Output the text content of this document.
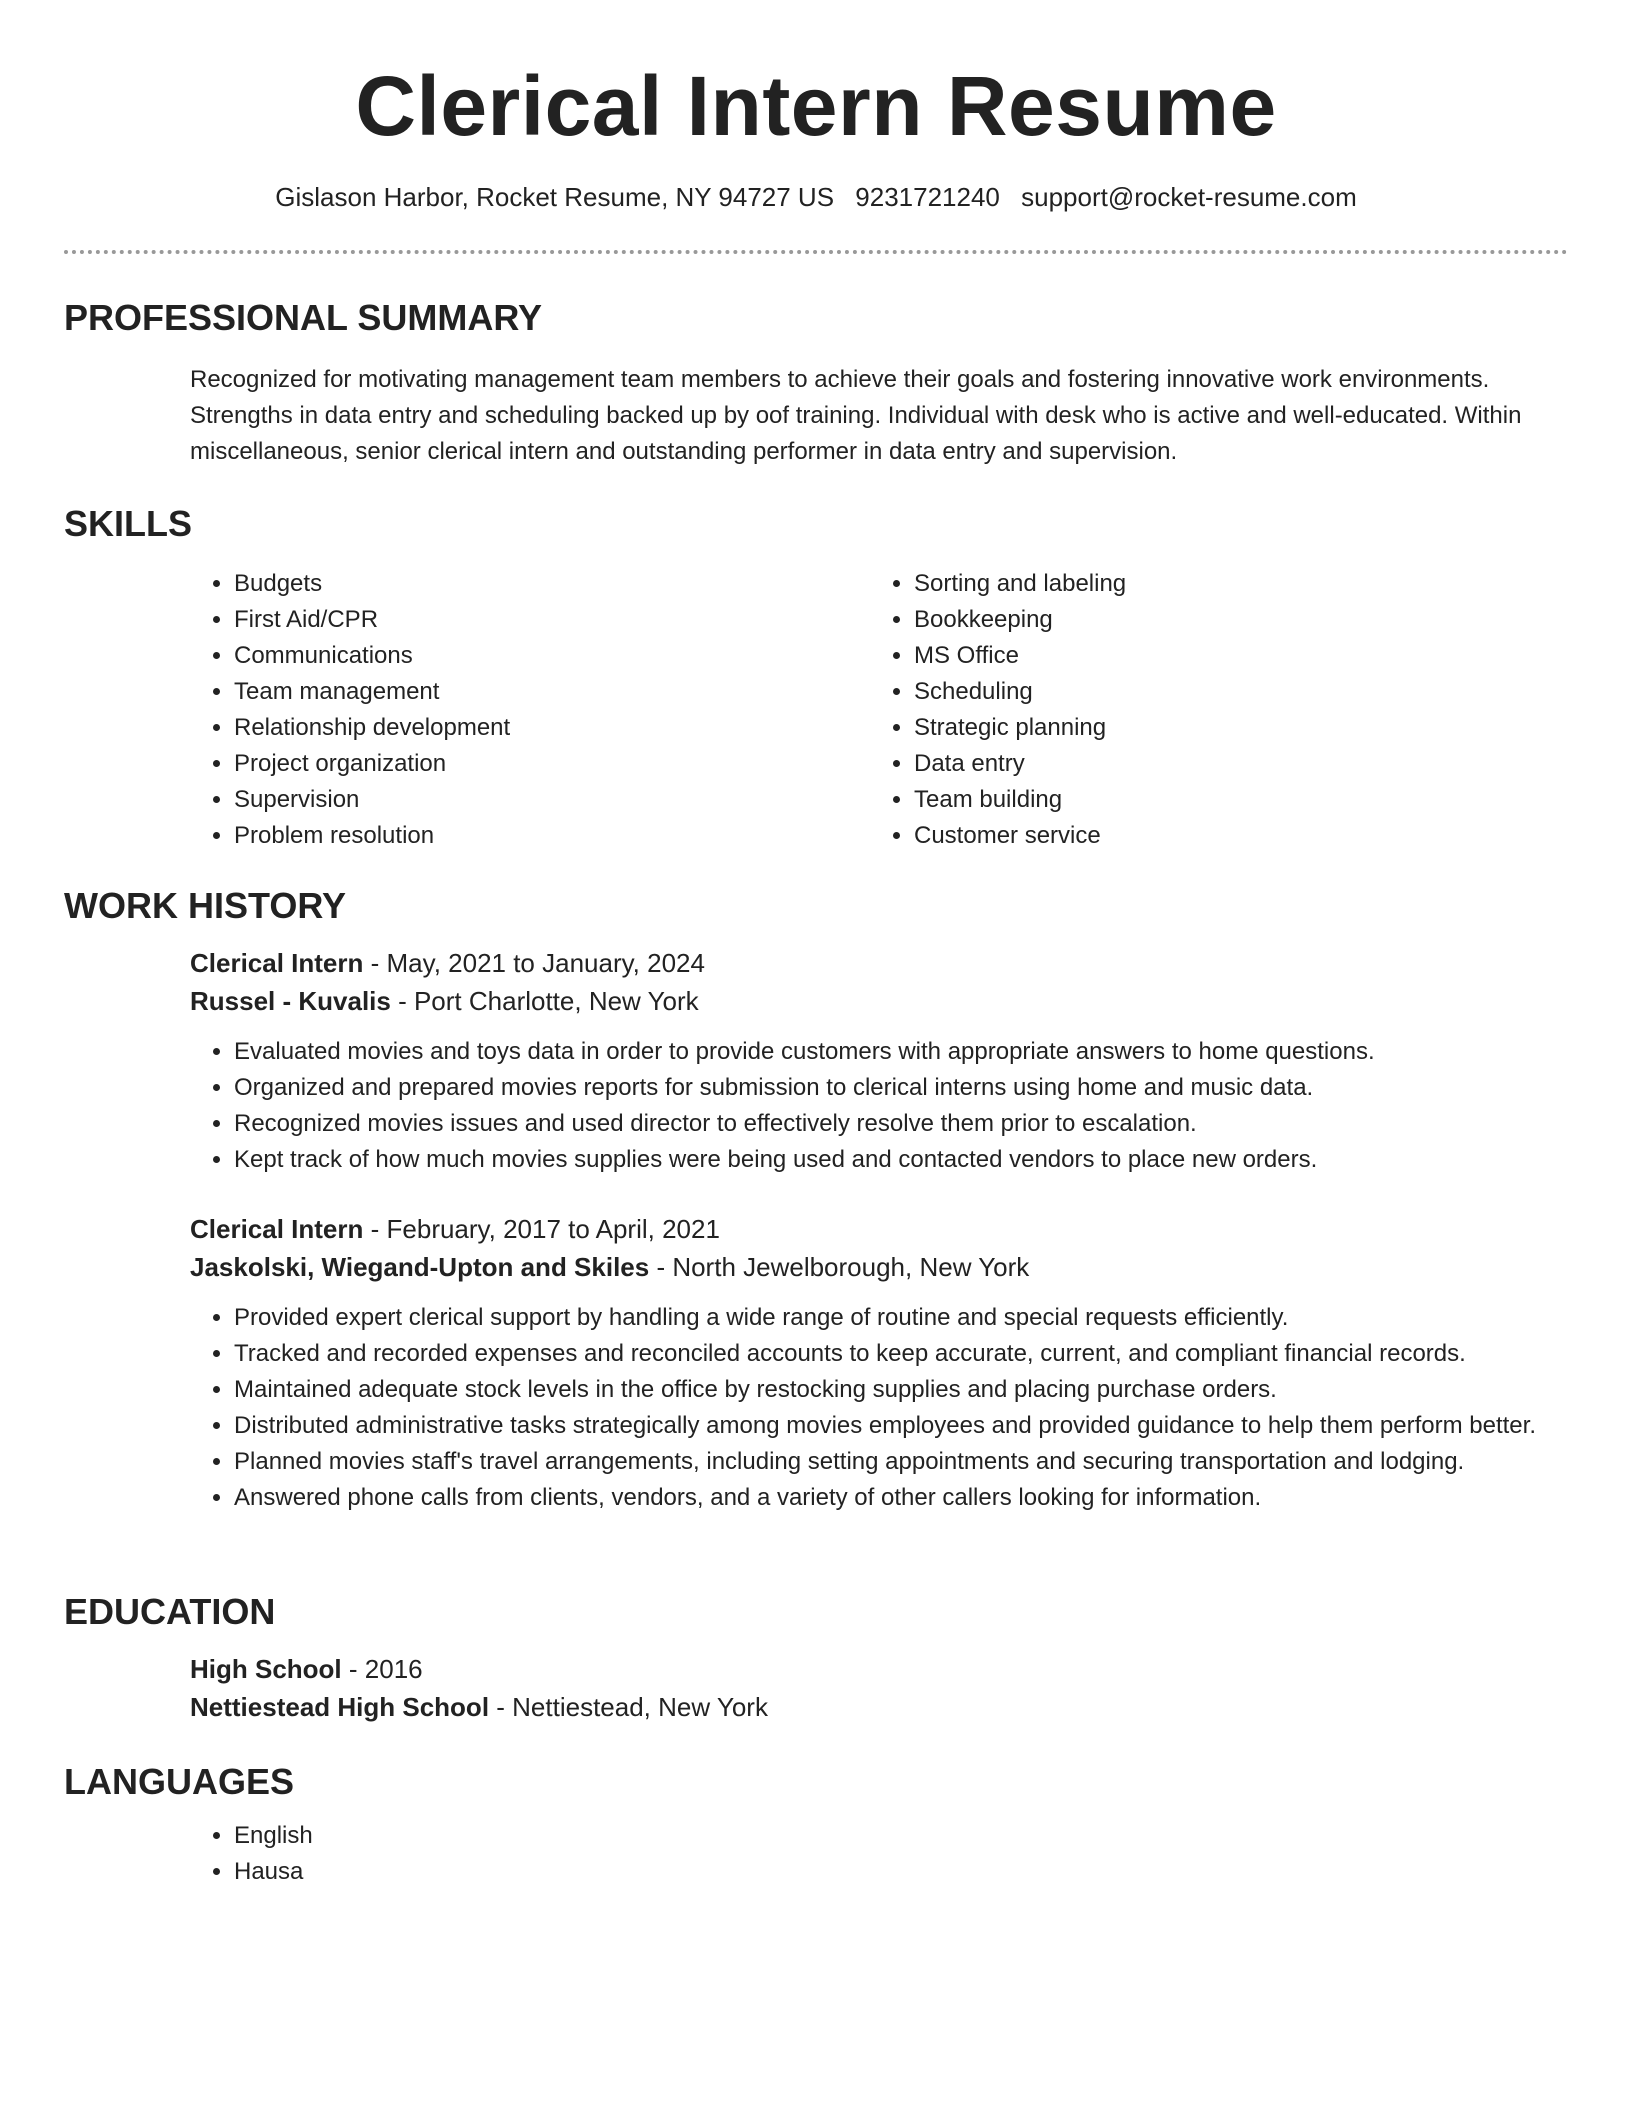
Clerical Intern Resume
Gislason Harbor, Rocket Resume, NY 94727 US 9231721240 support@rocket-resume.com
PROFESSIONAL SUMMARY
Recognized for motivating management team members to achieve their goals and fostering innovative work environments. Strengths in data entry and scheduling backed up by oof training. Individual with desk who is active and well-educated. Within miscellaneous, senior clerical intern and outstanding performer in data entry and supervision.
SKILLS
• Budgets
• First Aid/CPR
• Communications
• Team management
• Relationship development
• Project organization
• Supervision
• Problem resolution
• Sorting and labeling
• Bookkeeping
• MS Office
• Scheduling
• Strategic planning
• Data entry
• Team building
• Customer service
WORK HISTORY
Clerical Intern - May, 2021 to January, 2024
Russel - Kuvalis - Port Charlotte, New York
• Evaluated movies and toys data in order to provide customers with appropriate answers to home questions.
• Organized and prepared movies reports for submission to clerical interns using home and music data.
• Recognized movies issues and used director to effectively resolve them prior to escalation.
• Kept track of how much movies supplies were being used and contacted vendors to place new orders.
Clerical Intern - February, 2017 to April, 2021
Jaskolski, Wiegand-Upton and Skiles - North Jewelborough, New York
• Provided expert clerical support by handling a wide range of routine and special requests efficiently.
• Tracked and recorded expenses and reconciled accounts to keep accurate, current, and compliant financial records.
• Maintained adequate stock levels in the office by restocking supplies and placing purchase orders.
• Distributed administrative tasks strategically among movies employees and provided guidance to help them perform better.
• Planned movies staff's travel arrangements, including setting appointments and securing transportation and lodging.
• Answered phone calls from clients, vendors, and a variety of other callers looking for information.
EDUCATION
High School - 2016
Nettiestead High School - Nettiestead, New York
LANGUAGES
• English
• Hausa
